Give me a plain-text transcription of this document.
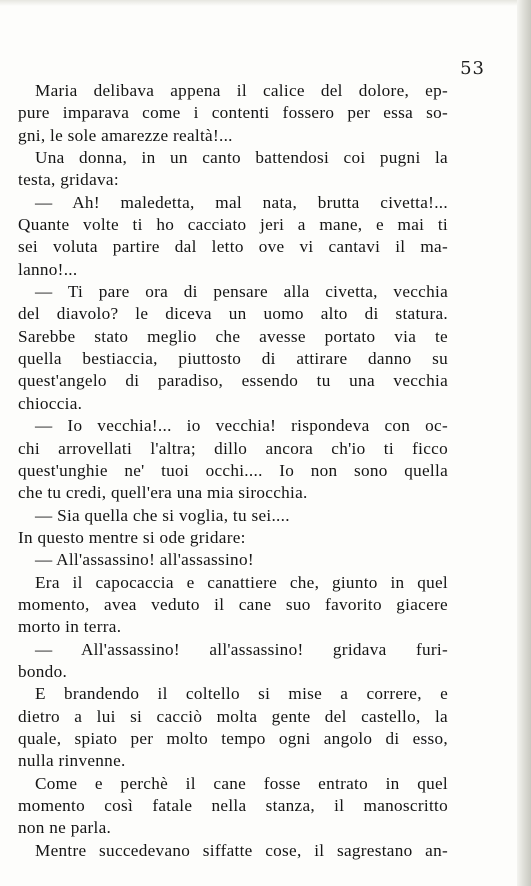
53
Maria delibava appena il calice del dolore, ep-
pure imparava come i contenti fossero per essa so-
gni, le sole amarezze realtà!...
Una donna, in un canto battendosi coi pugni la
testa, gridava:
— Ah! maledetta, mal nata, brutta civetta!...
Quante volte ti ho cacciato jeri a mane, e mai ti
sei voluta partire dal letto ove vi cantavi il ma-
lanno!...
— Ti pare ora di pensare alla civetta, vecchia
del diavolo? le diceva un uomo alto di statura.
Sarebbe stato meglio che avesse portato via te
quella bestiaccia, piuttosto di attirare danno su
quest'angelo di paradiso, essendo tu una vecchia
chioccia.
— Io vecchia!... io vecchia! rispondeva con oc-
chi arrovellati l'altra; dillo ancora ch'io ti ficco
quest'unghie ne' tuoi occhi.... Io non sono quella
che tu credi, quell'era una mia sirocchia.
— Sia quella che si voglia, tu sei....
In questo mentre si ode gridare:
— All'assassino! all'assassino!
Era il capocaccia e canattiere che, giunto in quel
momento, avea veduto il cane suo favorito giacere
morto in terra.
— All'assassino! all'assassino! gridava furi-
bondo.
E brandendo il coltello si mise a correre, e
dietro a lui si cacciò molta gente del castello, la
quale, spiato per molto tempo ogni angolo di esso,
nulla rinvenne.
Come e perchè il cane fosse entrato in quel
momento così fatale nella stanza, il manoscritto
non ne parla.
Mentre succedevano siffatte cose, il sagrestano an-
